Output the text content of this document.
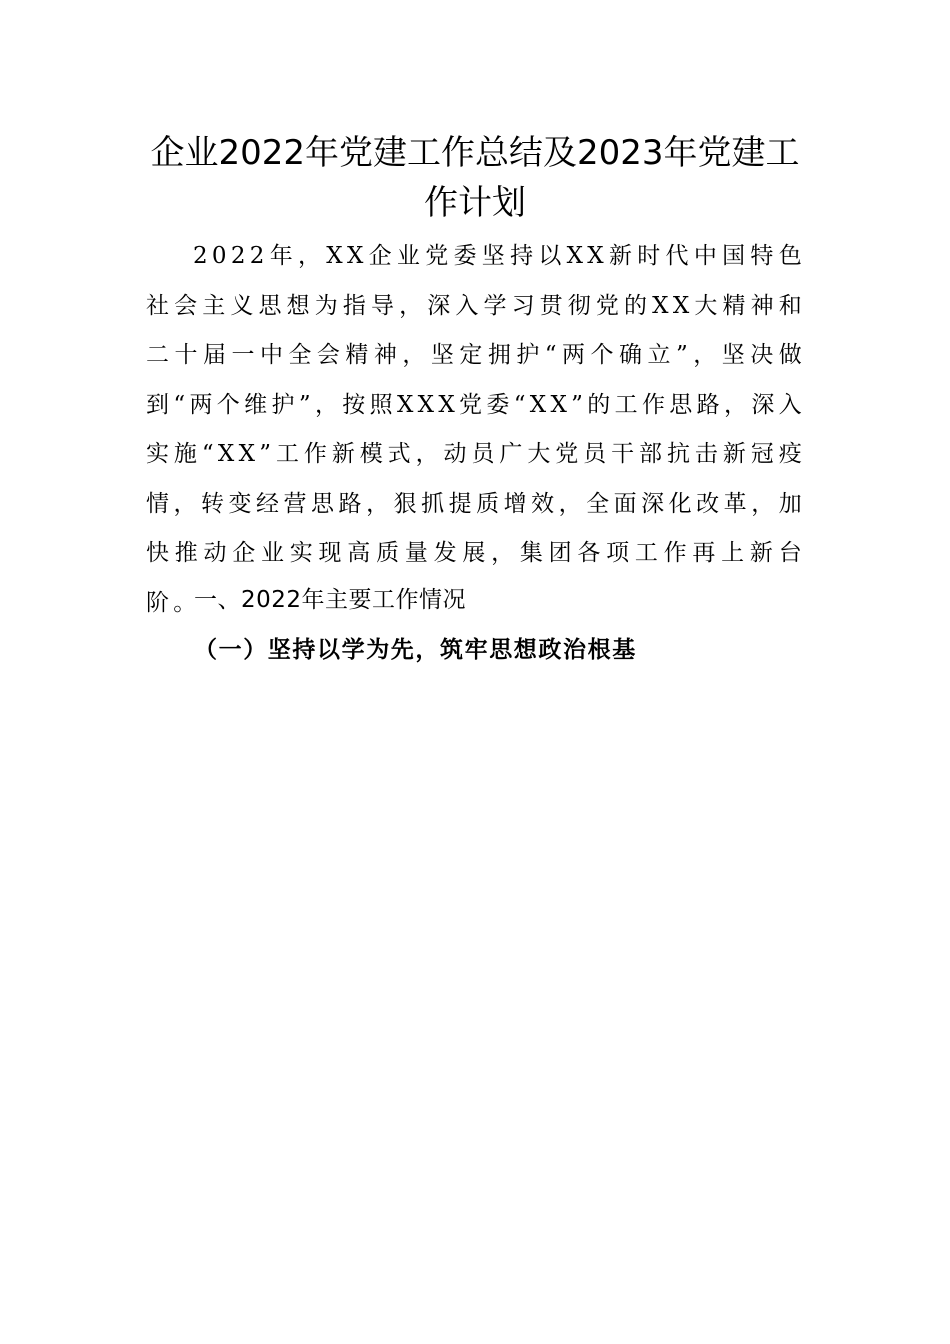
企业2022年党建工作总结及2023年党建工作计划

2022年，XX企业党委坚持以XX新时代中国特色社会主义思想为指导，深入学习贯彻党的XX大精神和二十届一中全会精神，坚定拥护“两个确立”，坚决做到“两个维护”，按照XXX党委“XX”的工作思路，深入实施“XX”工作新模式，动员广大党员干部抗击新冠疫情，转变经营思路，狠抓提质增效，全面深化改革，加快推动企业实现高质量发展，集团各项工作再上新台阶。

一、2022年主要工作情况
（一）坚持以学为先，筑牢思想政治根基
